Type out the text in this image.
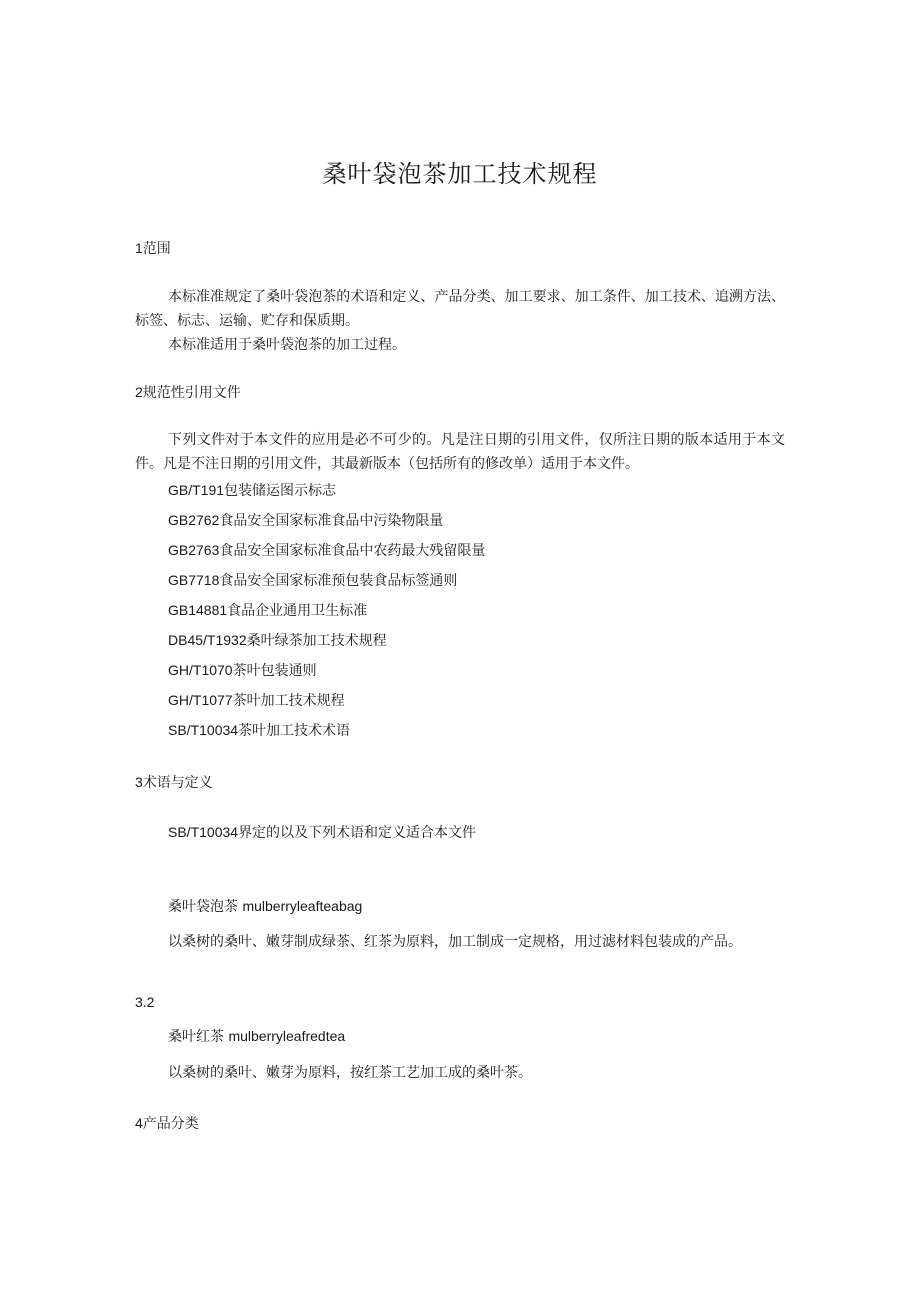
桑叶袋泡茶加工技术规程
1范围
本标准准规定了桑叶袋泡茶的术语和定义、产品分类、加工要求、加工条件、加工技术、追溯方法、标签、标志、运输、贮存和保质期。
本标准适用于桑叶袋泡茶的加工过程。
2规范性引用文件
下列文件对于本文件的应用是必不可少的。凡是注日期的引用文件，仅所注日期的版本适用于本文件。凡是不注日期的引用文件，其最新版本（包括所有的修改单）适用于本文件。
GB/T191包装储运图示标志
GB2762食品安全国家标准食品中污染物限量
GB2763食品安全国家标准食品中农药最大残留限量
GB7718食品安全国家标准预包装食品标签通则
GB14881食品企业通用卫生标准
DB45/T1932桑叶绿茶加工技术规程
GH/T1070茶叶包装通则
GH/T1077茶叶加工技术规程
SB/T10034茶叶加工技术术语
3术语与定义
SB/T10034界定的以及下列术语和定义适合本文件
桑叶袋泡茶 mulberryleafteabag
以桑树的桑叶、嫩芽制成绿茶、红茶为原料，加工制成一定规格，用过滤材料包装成的产品。
3.2
桑叶红茶 mulberryleafredtea
以桑树的桑叶、嫩芽为原料，按红茶工艺加工成的桑叶茶。
4产品分类
